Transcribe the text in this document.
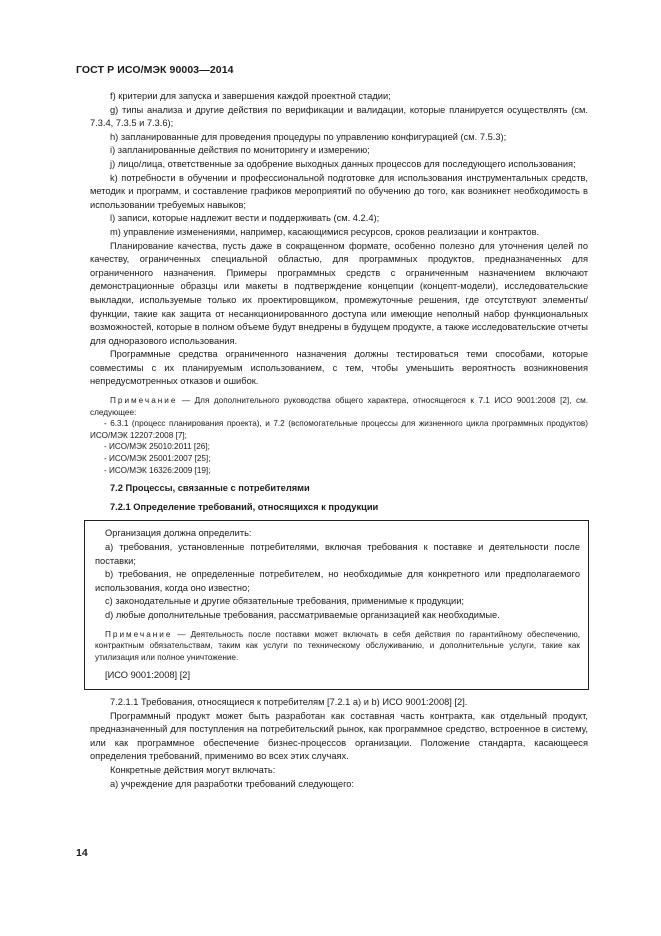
ГОСТ Р ИСО/МЭК 90003—2014

f) критерии для запуска и завершения каждой проектной стадии;

g) типы анализа и другие действия по верификации и валидации, которые планируется осуществлять (см. 7.3.4, 7.3.5 и 7.3.6);

h) запланированные для проведения процедуры по управлению конфигурацией (см. 7.5.3);

i) запланированные действия по мониторингу и измерению;

j) лицо/лица, ответственные за одобрение выходных данных процессов для последующего использования;

k) потребности в обучении и профессиональной подготовке для использования инструментальных средств, методик и программ, и составление графиков мероприятий по обучению до того, как возникнет необходимость в использовании требуемых навыков;

l) записи, которые надлежит вести и поддерживать (см. 4.2.4);

m) управление изменениями, например, касающимися ресурсов, сроков реализации и контрактов.

Планирование качества, пусть даже в сокращенном формате, особенно полезно для уточнения целей по качеству, ограниченных специальной областью, для программных продуктов, предназначенных для ограниченного назначения. Примеры программных средств с ограниченным назначением включают демонстрационные образцы или макеты в подтверждение концепции (концепт-модели), исследовательские выкладки, используемые только их проектировщиком, промежуточные решения, где отсутствуют элементы/функции, такие как защита от несанкционированного доступа или имеющие неполный набор функциональных возможностей, которые в полном объеме будут внедрены в будущем продукте, а также исследовательские отчеты для одноразового использования.

Программные средства ограниченного назначения должны тестироваться теми способами, которые совместимы с их планируемым использованием, с тем, чтобы уменьшить вероятность возникновения непредусмотренных отказов и ошибок.

Примечание — Для дополнительного руководства общего характера, относящегося к 7.1 ИСО 9001:2008 [2], см. следующее:

- 6.3.1 (процесс планирования проекта), и 7.2 (вспомогательные процессы для жизненного цикла программных продуктов) ИСО/МЭК 12207:2008 [7];

- ИСО/МЭК 25010:2011 [26];

- ИСО/МЭК 25001:2007 [25];

- ИСО/МЭК 16326:2009 [19];

7.2 Процессы, связанные с потребителями

7.2.1 Определение требований, относящихся к продукции

Организация должна определить:

a) требования, установленные потребителями, включая требования к поставке и деятельности после поставки;

b) требования, не определенные потребителем, но необходимые для конкретного или предполагаемого использования, когда оно известно;

c) законодательные и другие обязательные требования, применимые к продукции;

d) любые дополнительные требования, рассматриваемые организацией как необходимые.

Примечание — Деятельность после поставки может включать в себя действия по гарантийному обеспечению, контрактным обязательствам, таким как услуги по техническому обслуживанию, и дополнительные услуги, такие как утилизация или полное уничтожение.

[ИСО 9001:2008] [2]

7.2.1.1 Требования, относящиеся к потребителям [7.2.1 а) и b) ИСО 9001:2008] [2].

Программный продукт может быть разработан как составная часть контракта, как отдельный продукт, предназначенный для поступления на потребительский рынок, как программное средство, встроенное в систему, или как программное обеспечение бизнес-процессов организации. Положение стандарта, касающееся определения требований, применимо во всех этих случаях.

Конкретные действия могут включать:

а) учреждение для разработки требований следующего:

14
